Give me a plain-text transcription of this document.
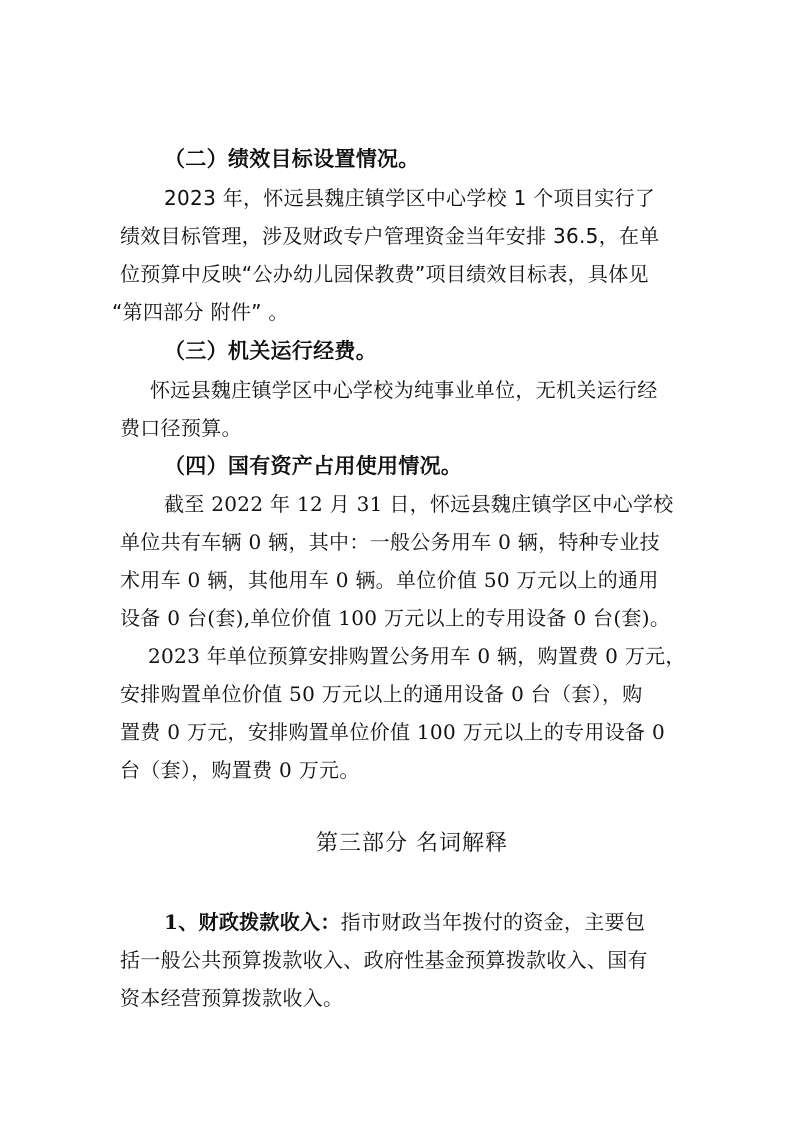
（二）绩效目标设置情况。
2023 年，怀远县魏庄镇学区中心学校 1 个项目实行了
绩效目标管理，涉及财政专户管理资金当年安排 36.5，在单
位预算中反映“公办幼儿园保教费”项目绩效目标表，具体见
“第四部分 附件” 。
（三）机关运行经费。
怀远县魏庄镇学区中心学校为纯事业单位，无机关运行经
费口径预算。
（四）国有资产占用使用情况。
截至 2022 年 12 月 31 日，怀远县魏庄镇学区中心学校
单位共有车辆 0 辆，其中：一般公务用车 0 辆，特种专业技
术用车 0 辆，其他用车 0 辆。单位价值 50 万元以上的通用
设备 0 台(套),单位价值 100 万元以上的专用设备 0 台(套)。
2023 年单位预算安排购置公务用车 0 辆，购置费 0 万元，
安排购置单位价值 50 万元以上的通用设备 0 台（套），购
置费 0 万元，安排购置单位价值 100 万元以上的专用设备 0
台（套），购置费 0 万元。
第三部分 名词解释
1、财政拨款收入：指市财政当年拨付的资金，主要包
括一般公共预算拨款收入、政府性基金预算拨款收入、国有
资本经营预算拨款收入。
